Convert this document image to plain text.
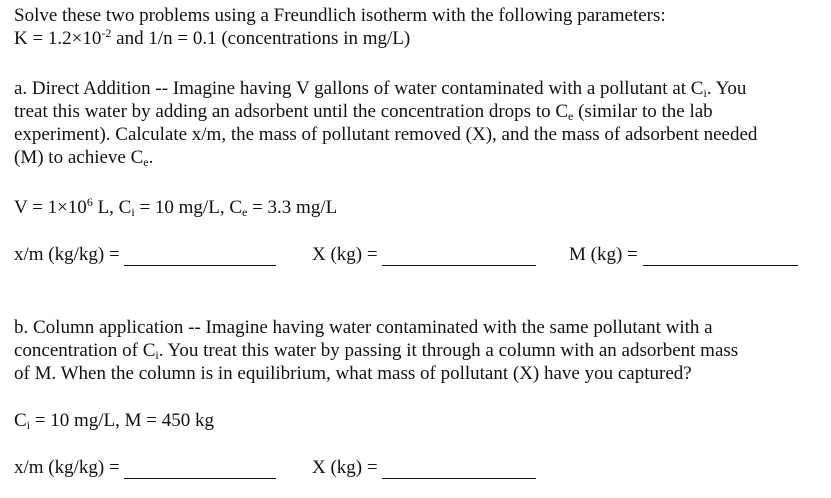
Solve these two problems using a Freundlich isotherm with the following parameters:
$K = 1.2\times 10^{-2}$ and 1/n = 0.1 (concentrations in mg/L)
a. Direct Addition -- Imagine having V gallons of water contaminated with a pollutant at $C_i$. You
treat this water by adding an adsorbent until the concentration drops to $C_e$ (similar to the lab
experiment). Calculate x/m, the mass of pollutant removed (X), and the mass of adsorbent needed
(M) to achieve $C_e$.
$V = 1\times 10^6$ L, $C_i = 10$ mg/L, $C_e = 3.3$ mg/L
x/m (kg/kg) =	X (kg) =	M (kg) =
b. Column application -- Imagine having water contaminated with the same pollutant with a
concentration of $C_i$. You treat this water by passing it through a column with an adsorbent mass
of M. When the column is in equilibrium, what mass of pollutant (X) have you captured?
$C_i = 10$ mg/L, M = 450 kg
x/m (kg/kg) =	X (kg) =
